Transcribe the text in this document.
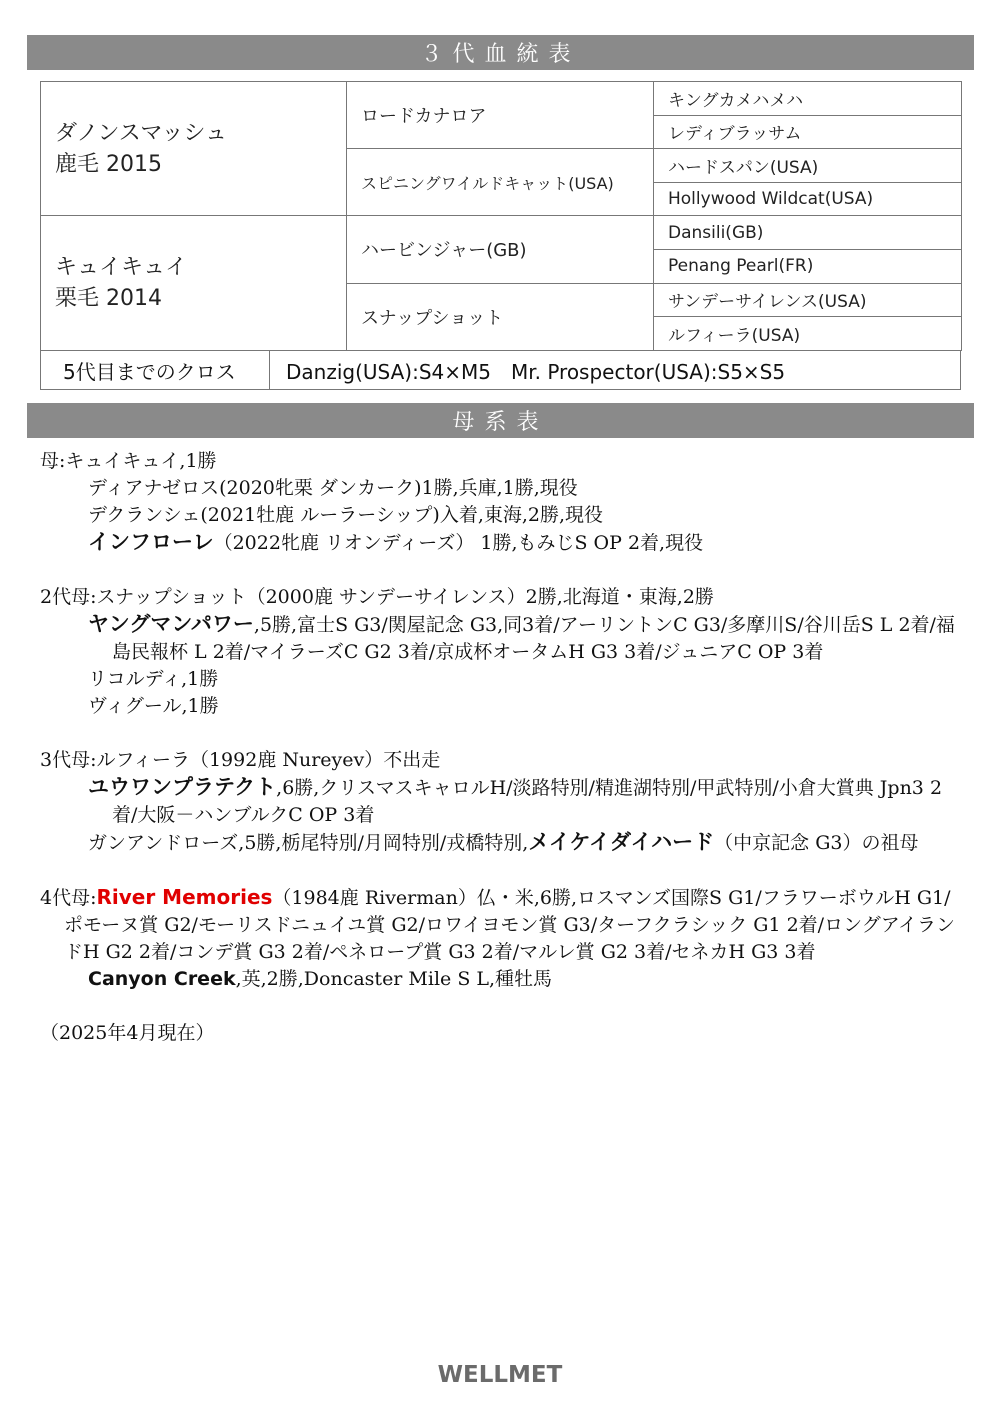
３代血統表
ダノンスマッシュ
鹿毛 2015	ロードカナロア	キングカメハメハ
		レディブラッサム
	スピニングワイルドキャット(USA)	ハードスパン(USA)
		Hollywood Wildcat(USA)

キュイキュイ
栗毛 2014	ハービンジャー(GB)	Dansili(GB)
		Penang Pearl(FR)
	スナップショット	サンデーサイレンス(USA)
		ルフィーラ(USA)
5代目までのクロス	Danzig(USA):S4×M5　Mr. Prospector(USA):S5×S5
母系表

母:キュイキュイ,1勝

ディアナゼロス(2020牝栗 ダンカーク)1勝,兵庫,1勝,現役

デクランシェ(2021牡鹿 ルーラーシップ)入着,東海,2勝,現役

インフローレ（2022牝鹿 リオンディーズ） 1勝,もみじS OP 2着,現役

2代母:スナップショット（2000鹿 サンデーサイレンス）2勝,北海道・東海,2勝

ヤングマンパワー,5勝,富士S G3/関屋記念 G3,同3着/アーリントンC G3/多摩川S/谷川岳S L 2着/福島民報杯 L 2着/マイラーズC G2 3着/京成杯オータムH G3 3着/ジュニアC OP 3着

リコルディ,1勝

ヴィグール,1勝

3代母:ルフィーラ（1992鹿 Nureyev）不出走

ユウワンプラテクト,6勝,クリスマスキャロルH/淡路特別/精進湖特別/甲武特別/小倉大賞典 Jpn3 2着/大阪－ハンブルクC OP 3着

ガンアンドローズ,5勝,栃尾特別/月岡特別/戎橋特別,メイケイダイハード（中京記念 G3）の祖母

4代母:River Memories（1984鹿 Riverman）仏・米,6勝,ロスマンズ国際S G1/フラワーボウルH G1/ポモーヌ賞 G2/モーリスドニュイユ賞 G2/ロワイヨモン賞 G3/ターフクラシック G1 2着/ロングアイランドH G2 2着/コンデ賞 G3 2着/ペネロープ賞 G3 2着/マルレ賞 G2 3着/セネカH G3 3着

Canyon Creek,英,2勝,Doncaster Mile S L,種牡馬

（2025年4月現在）

WELLMET
